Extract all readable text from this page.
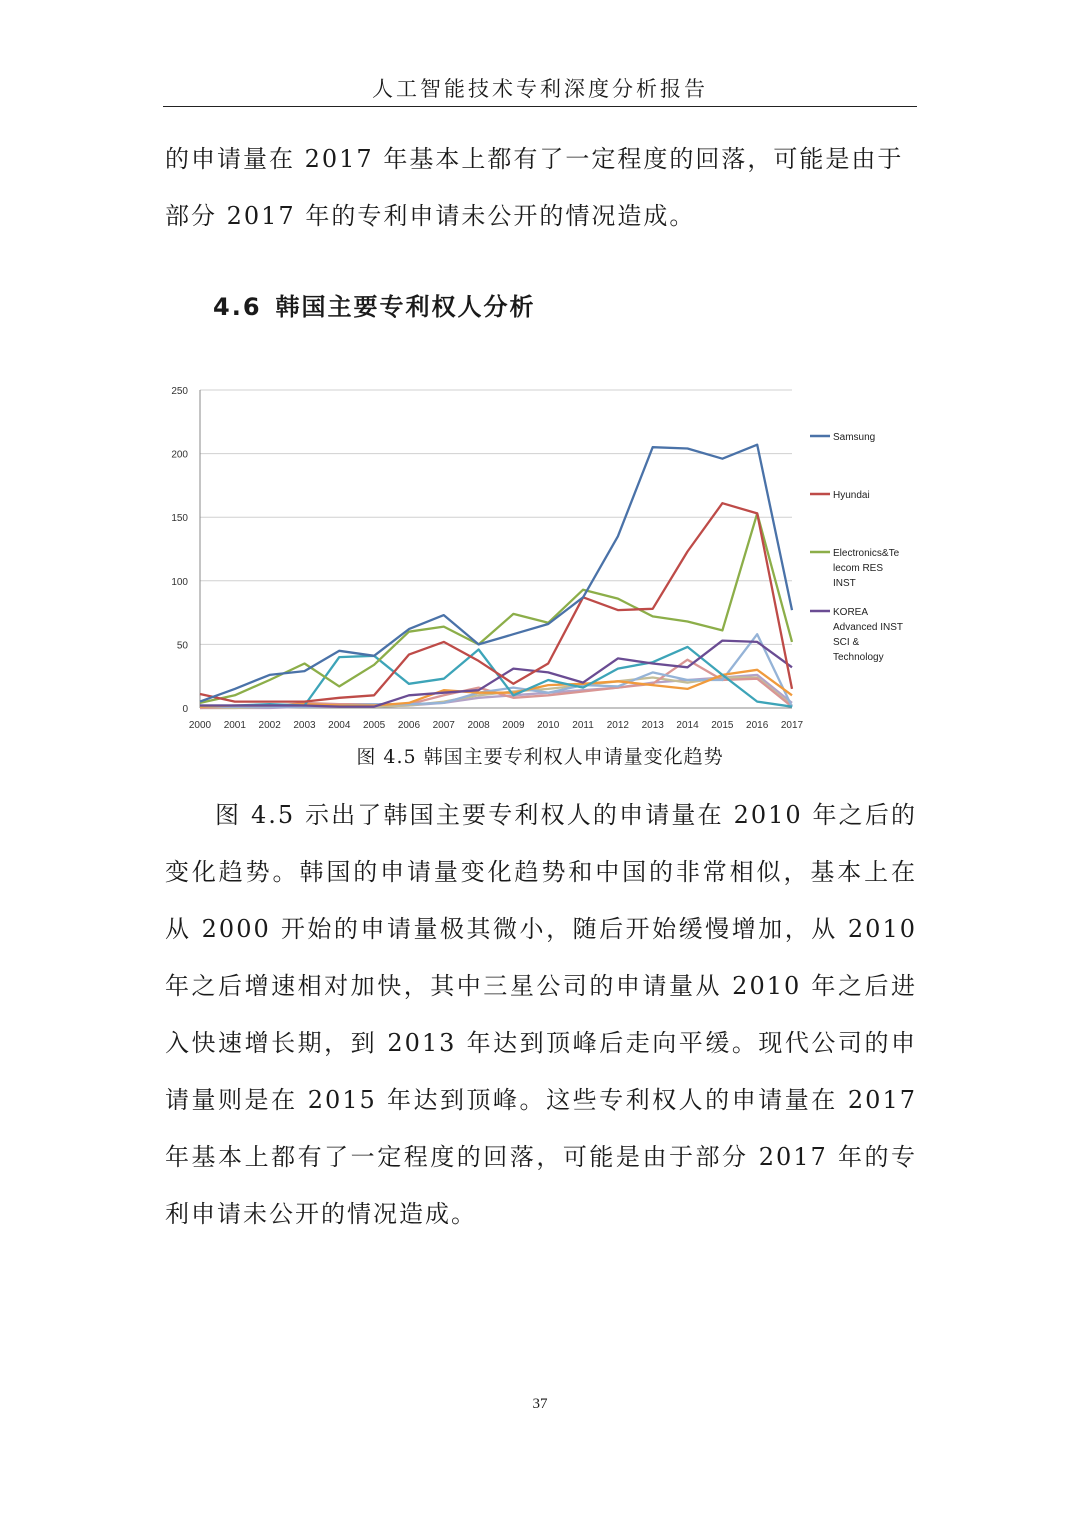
人工智能技术专利深度分析报告

的申请量在 2017 年基本上都有了一定程度的回落，可能是由于部分 2017 年的专利申请未公开的情况造成。

4.6 韩国主要专利权人分析
0
50
100
150
200
250
2000 2001 2002 2003 2004 2005 2006 2007 2008 2009 2010 2011 2012 2013 2014 2015 2016 2017
Samsung
Hyundai
Electronics&Te
lecom RES
INST
KOREA
Advanced INST
SCI &
Technology
图 4.5 韩国主要专利权人申请量变化趋势

图 4.5 示出了韩国主要专利权人的申请量在 2010 年之后的变化趋势。韩国的申请量变化趋势和中国的非常相似，基本上在从 2000 开始的申请量极其微小，随后开始缓慢增加，从 2010 年之后增速相对加快，其中三星公司的申请量从 2010 年之后进入快速增长期，到 2013 年达到顶峰后走向平缓。现代公司的申请量则是在 2015 年达到顶峰。这些专利权人的申请量在 2017 年基本上都有了一定程度的回落，可能是由于部分 2017 年的专利申请未公开的情况造成。

37
